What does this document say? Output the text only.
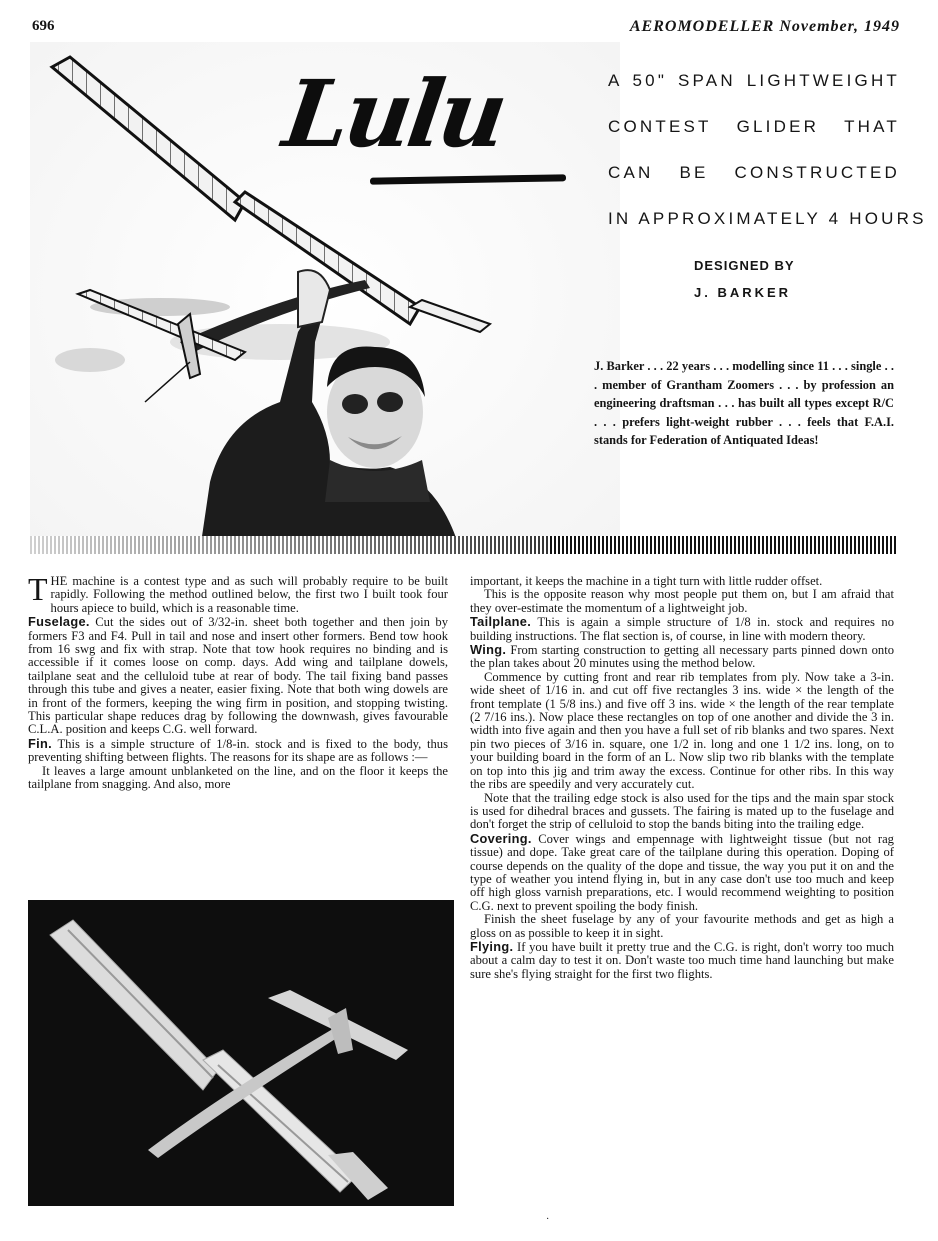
696	AEROMODELLER November, 1949
Lulu	A 50" SPAN LIGHTWEIGHT
CONTEST GLIDER THAT
CAN BE CONSTRUCTED
IN APPROXIMATELY 4 HOURS
DESIGNED BY
J. BARKER
J. Barker . . . 22 years . . . modelling since 11 . . . single . . . member of Grantham Zoomers . . . by profession an engineering draftsman . . . has built all types except R/C . . . prefers light-weight rubber . . . feels that F.A.I. stands for Federation of Antiquated Ideas!

THE machine is a contest type and as such will probably require to be built rapidly. Following the method outlined below, the first two I built took four hours apiece to build, which is a reasonable time.

Fuselage. Cut the sides out of 3/32-in. sheet both together and then join by formers F3 and F4. Pull in tail and nose and insert other formers. Bend tow hook from 16 swg and fix with strap. Note that tow hook requires no binding and is accessible if it comes loose on comp. days. Add wing and tailplane dowels, tailplane seat and the celluloid tube at rear of body. The tail fixing band passes through this tube and gives a neater, easier fixing. Note that both wing dowels are in front of the formers, keeping the wing firm in position, and stopping twisting. This particular shape reduces drag by following the downwash, gives favourable C.L.A. position and keeps C.G. well forward.

Fin. This is a simple structure of 1/8-in. stock and is fixed to the body, thus preventing shifting between flights. The reasons for its shape are as follows :—

It leaves a large amount unblanketed on the line, and on the floor it keeps the tailplane from snagging. And also, more

important, it keeps the machine in a tight turn with little rudder offset.

This is the opposite reason why most people put them on, but I am afraid that they over-estimate the momentum of a lightweight job.

Tailplane. This is again a simple structure of 1/8 in. stock and requires no building instructions. The flat section is, of course, in line with modern theory.

Wing. From starting construction to getting all necessary parts pinned down onto the plan takes about 20 minutes using the method below.

Commence by cutting front and rear rib templates from ply. Now take a 3-in. wide sheet of 1/16 in. and cut off five rectangles 3 ins. wide × the length of the front template (1 5/8 ins.) and five off 3 ins. wide × the length of the rear template (2 7/16 ins.). Now place these rectangles on top of one another and divide the 3 in. width into five again and then you have a full set of rib blanks and two spares. Next pin two pieces of 3/16 in. square, one 1/2 in. long and one 1 1/2 ins. long, on to your building board in the form of an L. Now slip two rib blanks with the template on top into this jig and trim away the excess. Continue for other ribs. In this way the ribs are speedily and very accurately cut.

Note that the trailing edge stock is also used for the tips and the main spar stock is used for dihedral braces and gussets. The fairing is mated up to the fuselage and don't forget the strip of celluloid to stop the bands biting into the trailing edge.

Covering. Cover wings and empennage with lightweight tissue (but not rag tissue) and dope. Take great care of the tailplane during this operation. Doping of course depends on the quality of the dope and tissue, the way you put it on and the type of weather you intend flying in, but in any case don't use too much and keep off high gloss varnish preparations, etc. I would recommend weighting to position C.G. next to prevent spoiling the body finish.

Finish the sheet fuselage by any of your favourite methods and get as high a gloss on as possible to keep it in sight.

Flying. If you have built it pretty true and the C.G. is right, don't worry too much about a calm day to test it on. Don't waste too much time hand launching but make sure she's flying straight for the first two flights.

·
